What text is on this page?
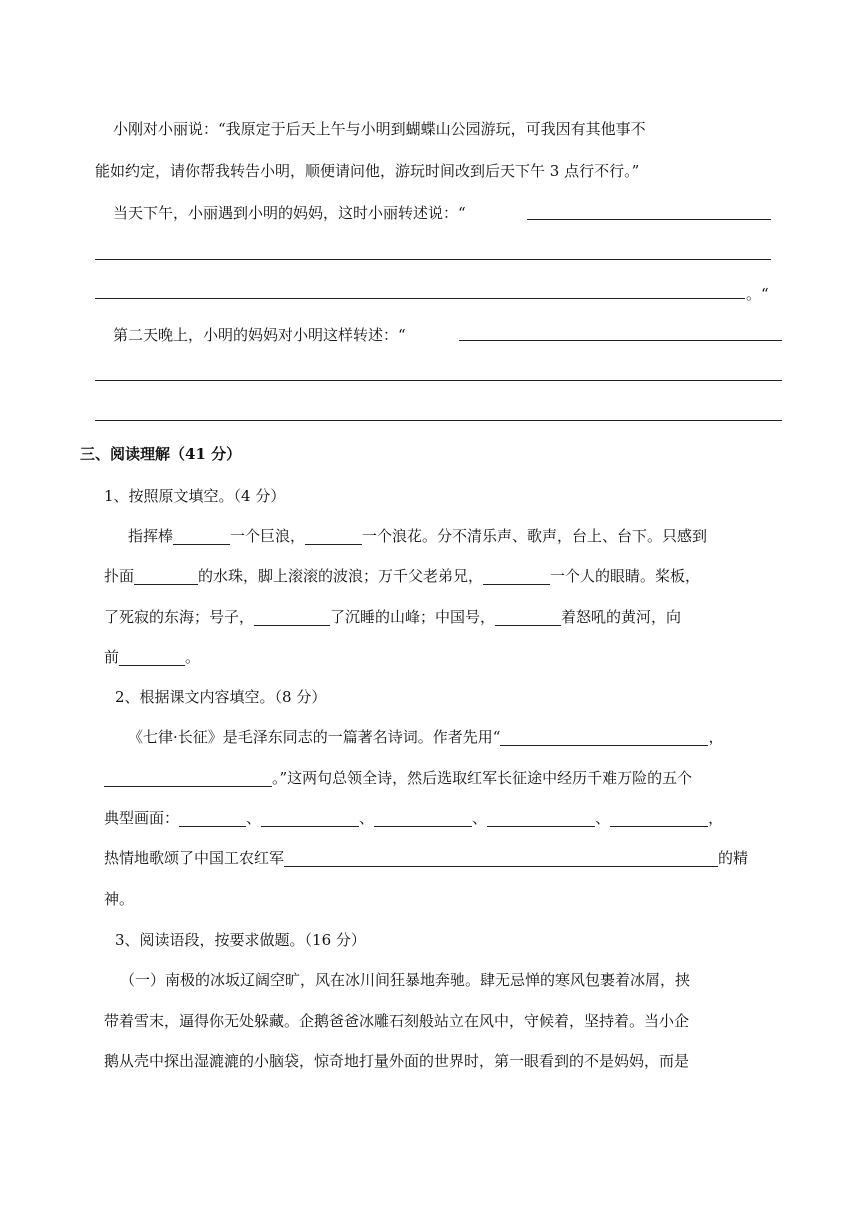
小刚对小丽说：“我原定于后天上午与小明到蝴蝶山公园游玩，可我因有其他事不
能如约定，请你帮我转告小明，顺便请问他，游玩时间改到后天下午 3 点行不行。”
当天下午，小丽遇到小明的妈妈，这时小丽转述说：“
。“
第二天晚上，小明的妈妈对小明这样转述：“
三、阅读理解（41 分）
1、按照原文填空。（4 分）
指挥棒	一个巨浪，	一个浪花。分不清乐声、歌声，台上、台下。只感到
扑面	的水珠，脚上滚滚的波浪；万千父老弟兄，	一个人的眼睛。桨板，
了死寂的东海；号子，	了沉睡的山峰；中国号，	着怒吼的黄河，向
前	。
2、根据课文内容填空。（8 分）
《七律·长征》是毛泽东同志的一篇著名诗词。作者先用“	，
。”这两句总领全诗，然后选取红军长征途中经历千难万险的五个
典型画面：	、	、	、	、	，
热情地歌颂了中国工农红军	的精
神。
3、阅读语段，按要求做题。（16 分）
（一）南极的冰坂辽阔空旷，风在冰川间狂暴地奔驰。肆无忌惮的寒风包裹着冰屑，挟
带着雪末，逼得你无处躲藏。企鹅爸爸冰雕石刻般站立在风中，守候着，坚持着。当小企
鹅从壳中探出湿漉漉的小脑袋，惊奇地打量外面的世界时，第一眼看到的不是妈妈，而是
